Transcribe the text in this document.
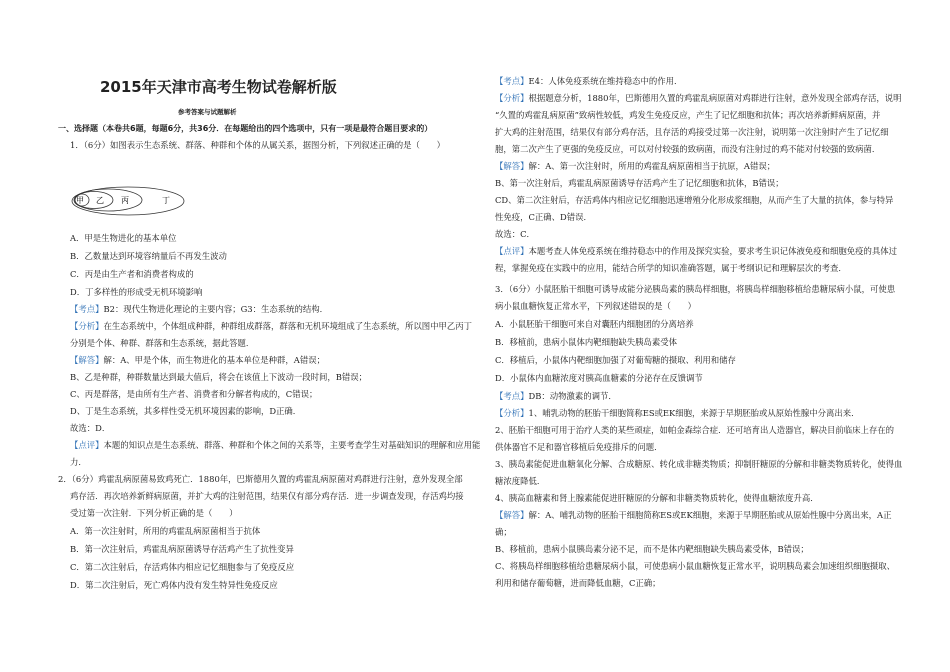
2015年天津市高考生物试卷解析版
参考答案与试题解析
一、选择题（本卷共6题，每题6分，共36分．在每题给出的四个选项中，只有一项是最符合题目要求的）
1．（6分）如图表示生态系统、群落、种群和个体的从属关系，据图分析，下列叙述正确的是（　　）
甲 乙 丙	丁
A．甲是生物进化的基本单位
B．乙数量达到环境容纳量后不再发生波动
C．丙是由生产者和消费者构成的
D．丁多样性的形成受无机环境影响
【考点】B2：现代生物进化理论的主要内容；G3：生态系统的结构．
【分析】在生态系统中，个体组成种群，种群组成群落，群落和无机环境组成了生态系统，所以图中甲乙丙丁
分别是个体、种群、群落和生态系统，据此答题．
【解答】解：A、甲是个体，而生物进化的基本单位是种群，A错误；
B、乙是种群，种群数量达到最大值后，将会在该值上下波动一段时间，B错误；
C、丙是群落，是由所有生产者、消费者和分解者构成的，C错误；
D、丁是生态系统，其多样性受无机环境因素的影响，D正确．
故选：D．
【点评】本题的知识点是生态系统、群落、种群和个体之间的关系等，主要考查学生对基础知识的理解和应用能
力．
2．（6分）鸡霍乱病原菌易致鸡死亡．1880年，巴斯德用久置的鸡霍乱病原菌对鸡群进行注射，意外发现全部
鸡存活．再次培养新鲜病原菌，并扩大鸡的注射范围，结果仅有部分鸡存活．进一步调查发现，存活鸡均接
受过第一次注射．下列分析正确的是（　　）
A．第一次注射时，所用的鸡霍乱病原菌相当于抗体
B．第一次注射后，鸡霍乱病原菌诱导存活鸡产生了抗性变异
C．第二次注射后，存活鸡体内相应记忆细胞参与了免疫反应
D．第二次注射后，死亡鸡体内没有发生特异性免疫反应
【考点】E4：人体免疫系统在维持稳态中的作用．
【分析】根据题意分析，1880年，巴斯德用久置的鸡霍乱病原菌对鸡群进行注射，意外发现全部鸡存活，说明
“久置的鸡霍乱病原菌”致病性较低，鸡发生免疫反应，产生了记忆细胞和抗体；再次培养新鲜病原菌，并
扩大鸡的注射范围，结果仅有部分鸡存活，且存活的鸡接受过第一次注射，说明第一次注射时产生了记忆细
胞，第二次产生了更强的免疫反应，可以对付较强的致病菌，而没有注射过的鸡不能对付较强的致病菌．
【解答】解：A、第一次注射时，所用的鸡霍乱病原菌相当于抗原，A错误；
B、第一次注射后，鸡霍乱病原菌诱导存活鸡产生了记忆细胞和抗体，B错误；
CD、第二次注射后，存活鸡体内相应记忆细胞迅速增殖分化形成浆细胞，从而产生了大量的抗体，参与特异
性免疫，C正确、D错误．
故选：C．
【点评】本题考查人体免疫系统在维持稳态中的作用及探究实验，要求考生识记体液免疫和细胞免疫的具体过
程，掌握免疫在实践中的应用，能结合所学的知识准确答题，属于考纲识记和理解层次的考查．
3．（6分）小鼠胚胎干细胞可诱导成能分泌胰岛素的胰岛样细胞，将胰岛样细胞移植给患糖尿病小鼠，可使患
病小鼠血糖恢复正常水平，下列叙述错误的是（　　）
A．小鼠胚胎干细胞可来自对囊胚内细胞团的分离培养
B．移植前，患病小鼠体内靶细胞缺失胰岛素受体
C．移植后，小鼠体内靶细胞加强了对葡萄糖的摄取、利用和储存
D．小鼠体内血糖浓度对胰高血糖素的分泌存在反馈调节
【考点】DB：动物激素的调节．
【分析】1、哺乳动物的胚胎干细胞简称ES或EK细胞，来源于早期胚胎或从原始性腺中分离出来．
2、胚胎干细胞可用于治疗人类的某些顽症，如帕金森综合症．还可培育出人造器官，解决目前临床上存在的
供体器官不足和器官移植后免疫排斥的问题．
3、胰岛素能促进血糖氧化分解、合成糖原、转化成非糖类物质；抑制肝糖原的分解和非糖类物质转化，使得血
糖浓度降低．
4、胰高血糖素和肾上腺素能促进肝糖原的分解和非糖类物质转化，使得血糖浓度升高．
【解答】解：A、哺乳动物的胚胎干细胞简称ES或EK细胞，来源于早期胚胎或从原始性腺中分离出来，A正
确；
B、移植前，患病小鼠胰岛素分泌不足，而不是体内靶细胞缺失胰岛素受体，B错误；
C、将胰岛样细胞移植给患糖尿病小鼠，可使患病小鼠血糖恢复正常水平，说明胰岛素会加速组织细胞摄取、
利用和储存葡萄糖，进而降低血糖，C正确；
